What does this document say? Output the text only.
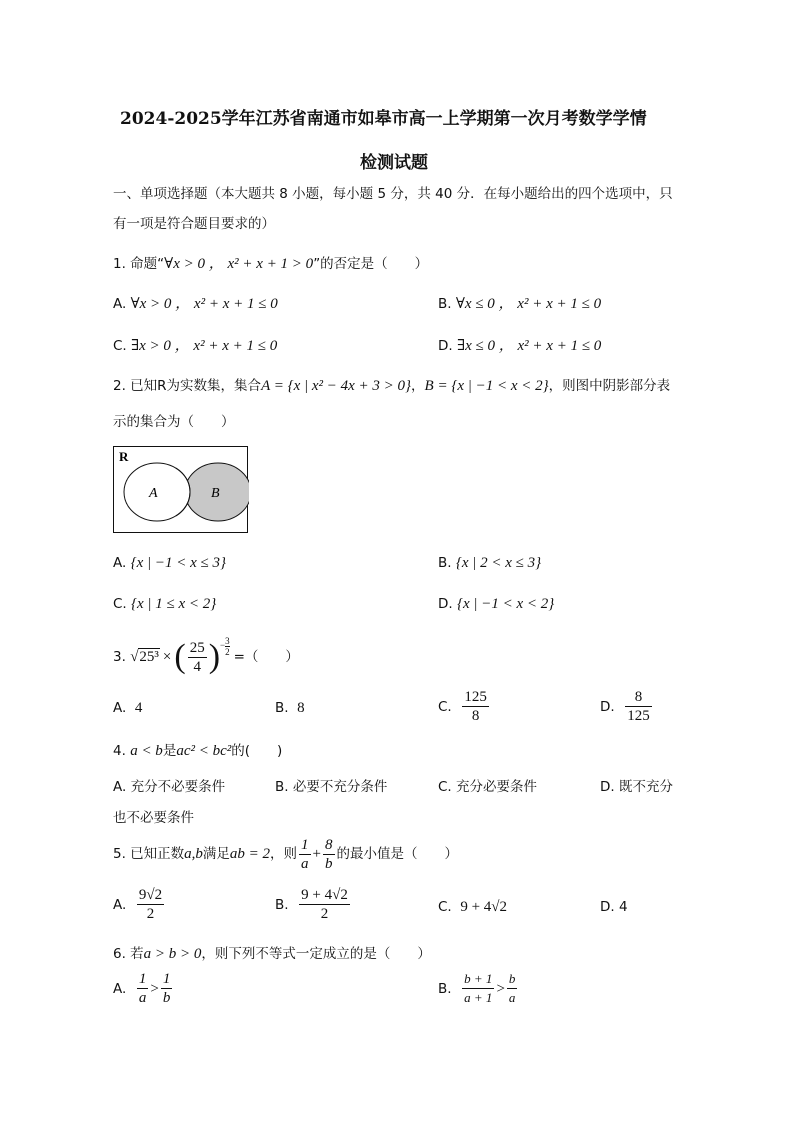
2024-2025学年江苏省南通市如皋市高一上学期第一次月考数学学情
检测试题
一、单项选择题（本大题共 8 小题，每小题 5 分，共 40 分．在每小题给出的四个选项中，只
有一项是符合题目要求的）
1. 命题“∀x > 0 ， x² + x + 1 > 0”的否定是（　　）
A. ∀x > 0 ， x² + x + 1 ≤ 0	B. ∀x ≤ 0 ， x² + x + 1 ≤ 0
C. ∃x > 0 ， x² + x + 1 ≤ 0	D. ∃x ≤ 0 ， x² + x + 1 ≤ 0
2. 已知R为实数集，集合A = {x | x² − 4x + 3 > 0}，B = {x | −1 < x < 2}，则图中阴影部分表
示的集合为（　　）
R
A	B
A. {x | −1 < x ≤ 3}	B. {x | 2 < x ≤ 3}
C. {x | 1 ≤ x < 2}	D. {x | −1 < x < 2}
3.
√25³ × ( $\frac{25}{4}$ ) − $\frac{3}{2}$
=（　　）
A. 4	B. 8	C.
$\frac{125}{8}$	D.
$\frac{8}{125}$
4. a < b是ac² < bc²的(　　)
A. 充分不必要条件	B. 必要不充分条件	C. 充分必要条件	D. 既不充分
也不必要条件
5. 已知正数 a,b 满足 ab = 2 ，则 $\frac{1}{a} + \frac{8}{b}$ 的最小值是（　　）
A.
$\frac{9√2}{2}$	B.
$\frac{9 + 4√2}{2}$	C. 9 + 4√2	D. 4
6. 若a > b > 0，则下列不等式一定成立的是（　　）
A.
$\frac{1}{a} > \frac{1}{b}$	B.
$\frac{b + 1}{a + 1} > \frac{b}{a}$
